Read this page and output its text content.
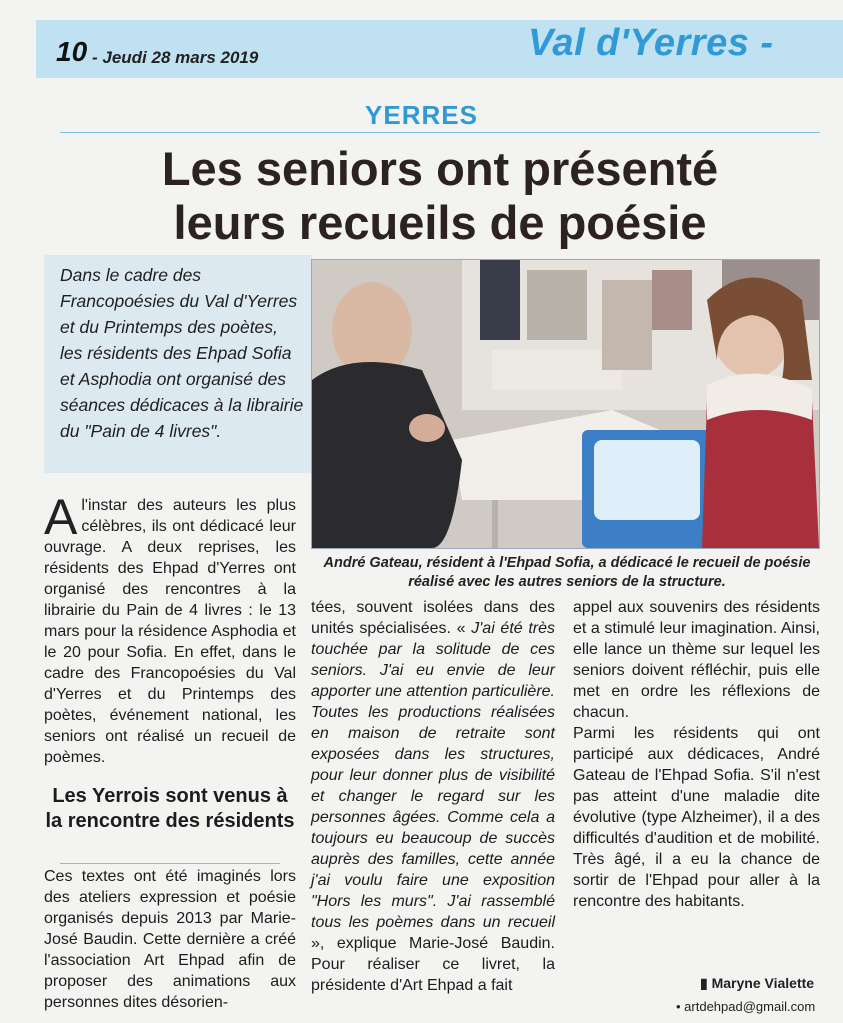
10 - Jeudi 28 mars 2019	Val d'Yerres -
YERRES
Les seniors ont présenté
leurs recueils de poésie
Dans le cadre des Francopoésies du Val d'Yerres et du Printemps des poètes, les résidents des Ehpad Sofia et Asphodia ont organisé des séances dédicaces à la librairie du "Pain de 4 livres".
André Gateau, résident à l'Ehpad Sofia, a dédicacé le recueil de poésie réalisé avec les autres seniors de la structure.
A l'instar des auteurs les plus célèbres, ils ont dédicacé leur ouvrage. A deux reprises, les résidents des Ehpad d'Yerres ont organisé des rencontres à la librairie du Pain de 4 livres : le 13 mars pour la résidence Asphodia et le 20 pour Sofia. En effet, dans le cadre des Francopoésies du Val d'Yerres et du Printemps des poètes, événement national, les seniors ont réalisé un recueil de poèmes.
Les Yerrois sont venus à la rencontre des résidents
Ces textes ont été imaginés lors des ateliers expression et poésie organisés depuis 2013 par Marie-José Baudin. Cette dernière a créé l'association Art Ehpad afin de proposer des animations aux personnes dites désorien-
tées, souvent isolées dans des unités spécialisées. « J'ai été très touchée par la solitude de ces seniors. J'ai eu envie de leur apporter une attention particulière. Toutes les productions réalisées en maison de retraite sont exposées dans les structures, pour leur donner plus de visibilité et changer le regard sur les personnes âgées. Comme cela a toujours eu beaucoup de succès auprès des familles, cette année j'ai voulu faire une exposition "Hors les murs". J'ai rassemblé tous les poèmes dans un recueil », explique Marie-José Baudin. Pour réaliser ce livret, la présidente d'Art Ehpad a fait
appel aux souvenirs des résidents et a stimulé leur imagination. Ainsi, elle lance un thème sur lequel les seniors doivent réfléchir, puis elle met en ordre les réflexions de chacun.
Parmi les résidents qui ont participé aux dédicaces, André Gateau de l'Ehpad Sofia. S'il n'est pas atteint d'une maladie dite évolutive (type Alzheimer), il a des difficultés d'audition et de mobilité. Très âgé, il a eu la chance de sortir de l'Ehpad pour aller à la rencontre des habitants.
▮ Maryne Vialette
• artdehpad@gmail.com
